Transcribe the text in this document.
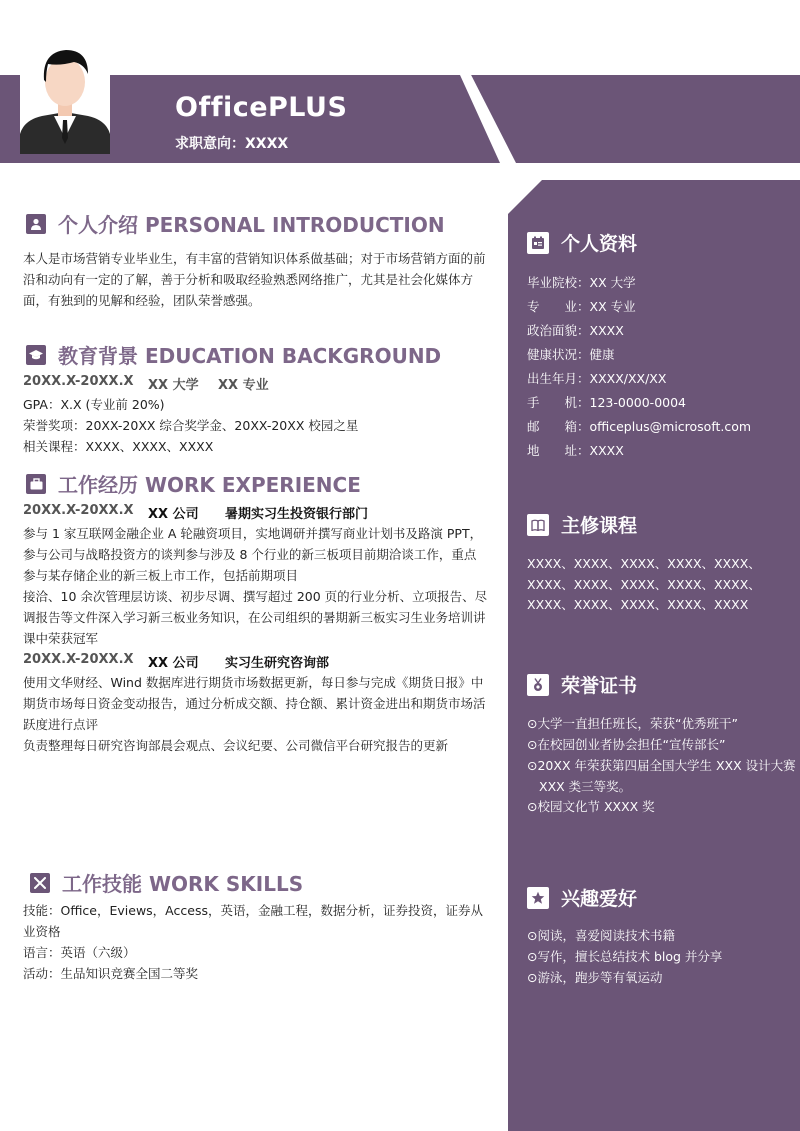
OfficePLUS
求职意向：XXXX
个人介绍 PERSONAL INTRODUCTION
本人是市场营销专业毕业生，有丰富的营销知识体系做基础；对于市场营销方面的前沿和动向有一定的了解，善于分析和吸取经验熟悉网络推广，尤其是社会化媒体方面，有独到的见解和经验，团队荣誉感强。
教育背景 EDUCATION BACKGROUND
20XX.X-20XX.X XX 大学 XX 专业
GPA：X.X (专业前 20%)
荣誉奖项：20XX-20XX 综合奖学金、20XX-20XX 校园之星
相关课程：XXXX、XXXX、XXXX
工作经历 WORK EXPERIENCE
20XX.X-20XX.X XX 公司 暑期实习生投资银行部门
参与 1 家互联网金融企业 A 轮融资项目，实地调研并撰写商业计划书及路演 PPT，参与公司与战略投资方的谈判参与涉及 8 个行业的新三板项目前期洽谈工作，重点参与某存储企业的新三板上市工作，包括前期项目
接洽、10 余次管理层访谈、初步尽调、撰写超过 200 页的行业分析、立项报告、尽调报告等文件深入学习新三板业务知识，在公司组织的暑期新三板实习生业务培训讲课中荣获冠军
20XX.X-20XX.X XX 公司 实习生研究咨询部
使用文华财经、Wind 数据库进行期货市场数据更新，每日参与完成《期货日报》中期货市场每日资金变动报告，通过分析成交额、持仓额、累计资金进出和期货市场活跃度进行点评
负责整理每日研究咨询部晨会观点、会议纪要、公司微信平台研究报告的更新
工作技能 WORK SKILLS
技能：Office，Eviews，Access，英语，金融工程，数据分析，证券投资，证券从业资格
语言：英语（六级）
活动：生品知识竞赛全国二等奖
个人资料
毕业院校：XX 大学
专　　业：XX 专业
政治面貌：XXXX
健康状况：健康
出生年月：XXXX/XX/XX
手　　机：123-0000-0004
邮　　箱：officeplus@microsoft.com
地　　址：XXXX
主修课程
XXXX、XXXX、XXXX、XXXX、XXXX、XXXX、XXXX、XXXX、XXXX、XXXX、XXXX、XXXX、XXXX、XXXX、XXXX
荣誉证书
⊙大学一直担任班长，荣获“优秀班干”
⊙在校园创业者协会担任“宣传部长”
⊙20XX 年荣获第四届全国大学生 XXX 设计大赛 XXX 类三等奖。
⊙校园文化节 XXXX 奖
兴趣爱好
⊙阅读，喜爱阅读技术书籍
⊙写作，擅长总结技术 blog 并分享
⊙游泳，跑步等有氧运动
